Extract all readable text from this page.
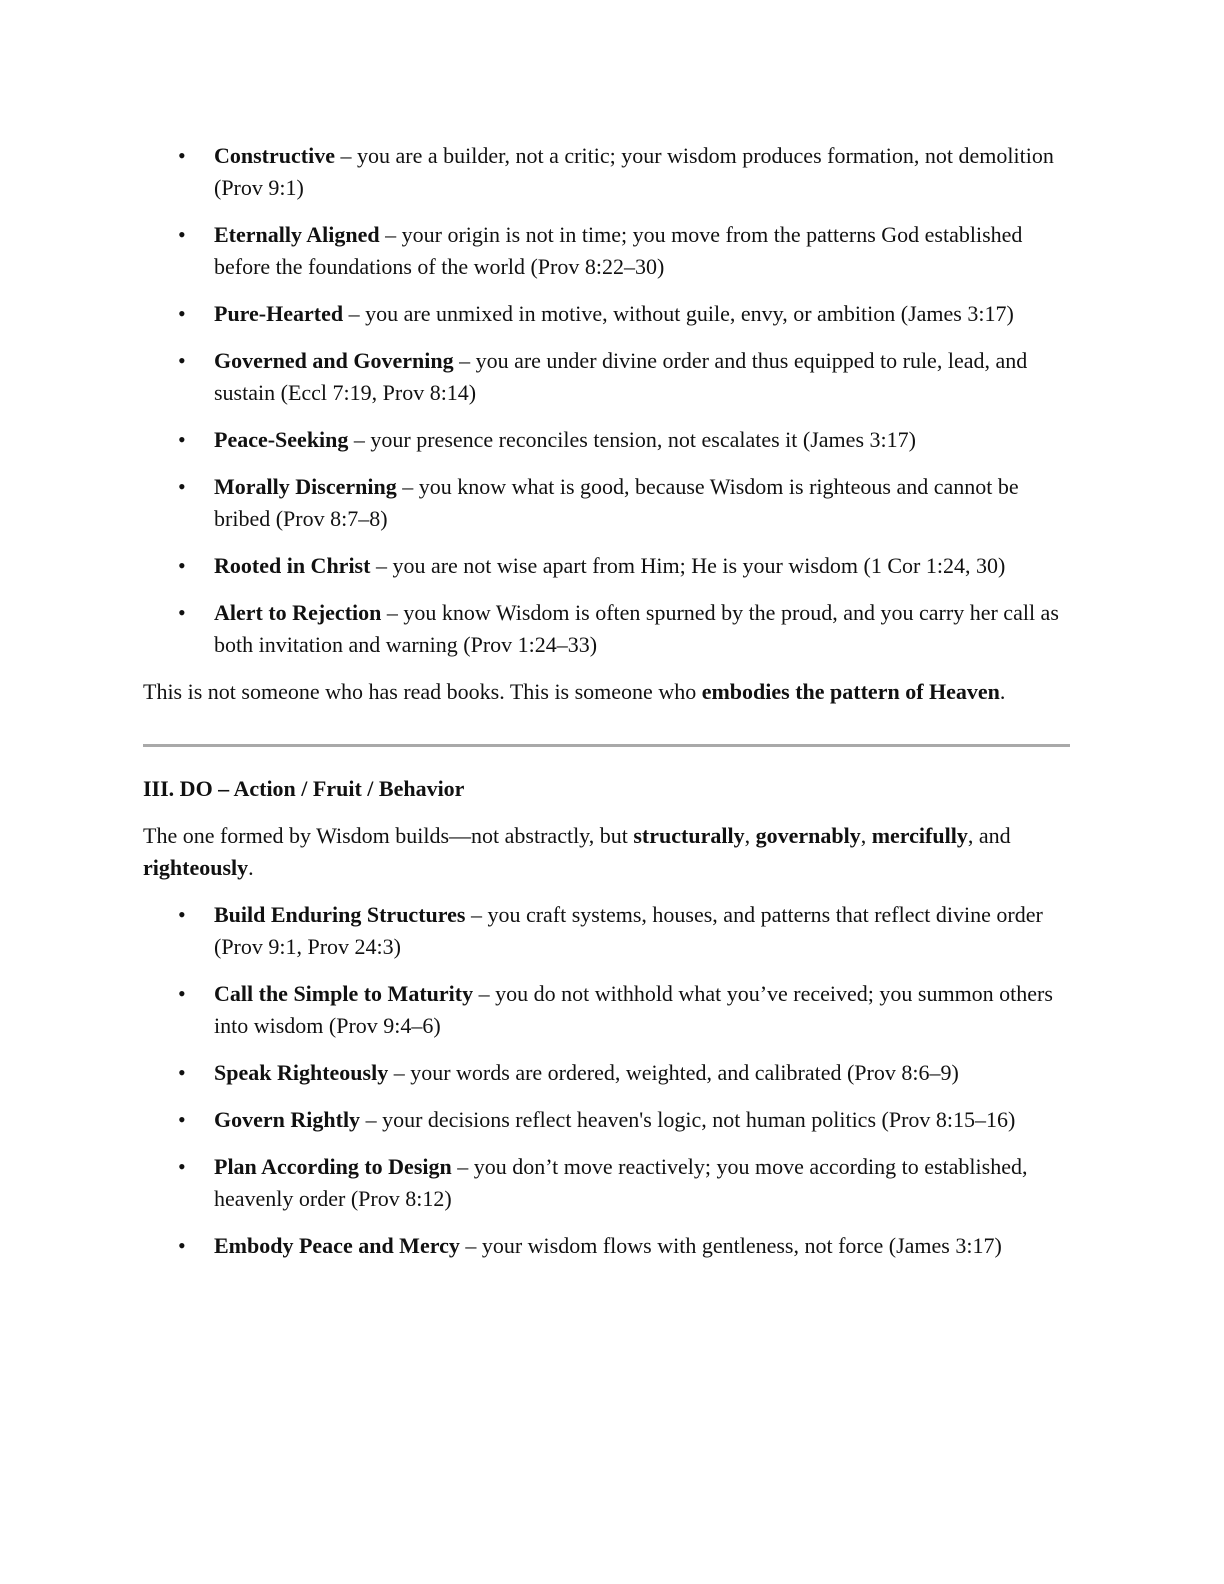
• Constructive – you are a builder, not a critic; your wisdom produces formation, not demolition (Prov 9:1)
• Eternally Aligned – your origin is not in time; you move from the patterns God established before the foundations of the world (Prov 8:22–30)
• Pure-Hearted – you are unmixed in motive, without guile, envy, or ambition (James 3:17)
• Governed and Governing – you are under divine order and thus equipped to rule, lead, and sustain (Eccl 7:19, Prov 8:14)
• Peace-Seeking – your presence reconciles tension, not escalates it (James 3:17)
• Morally Discerning – you know what is good, because Wisdom is righteous and cannot be bribed (Prov 8:7–8)
• Rooted in Christ – you are not wise apart from Him; He is your wisdom (1 Cor 1:24, 30)
• Alert to Rejection – you know Wisdom is often spurned by the proud, and you carry her call as both invitation and warning (Prov 1:24–33)

This is not someone who has read books. This is someone who embodies the pattern of Heaven.

III. DO – Action / Fruit / Behavior

The one formed by Wisdom builds—not abstractly, but structurally, governably, mercifully, and righteously.

• Build Enduring Structures – you craft systems, houses, and patterns that reflect divine order (Prov 9:1, Prov 24:3)
• Call the Simple to Maturity – you do not withhold what you’ve received; you summon others into wisdom (Prov 9:4–6)
• Speak Righteously – your words are ordered, weighted, and calibrated (Prov 8:6–9)
• Govern Rightly – your decisions reflect heaven's logic, not human politics (Prov 8:15–16)
• Plan According to Design – you don’t move reactively; you move according to established, heavenly order (Prov 8:12)
• Embody Peace and Mercy – your wisdom flows with gentleness, not force (James 3:17)
